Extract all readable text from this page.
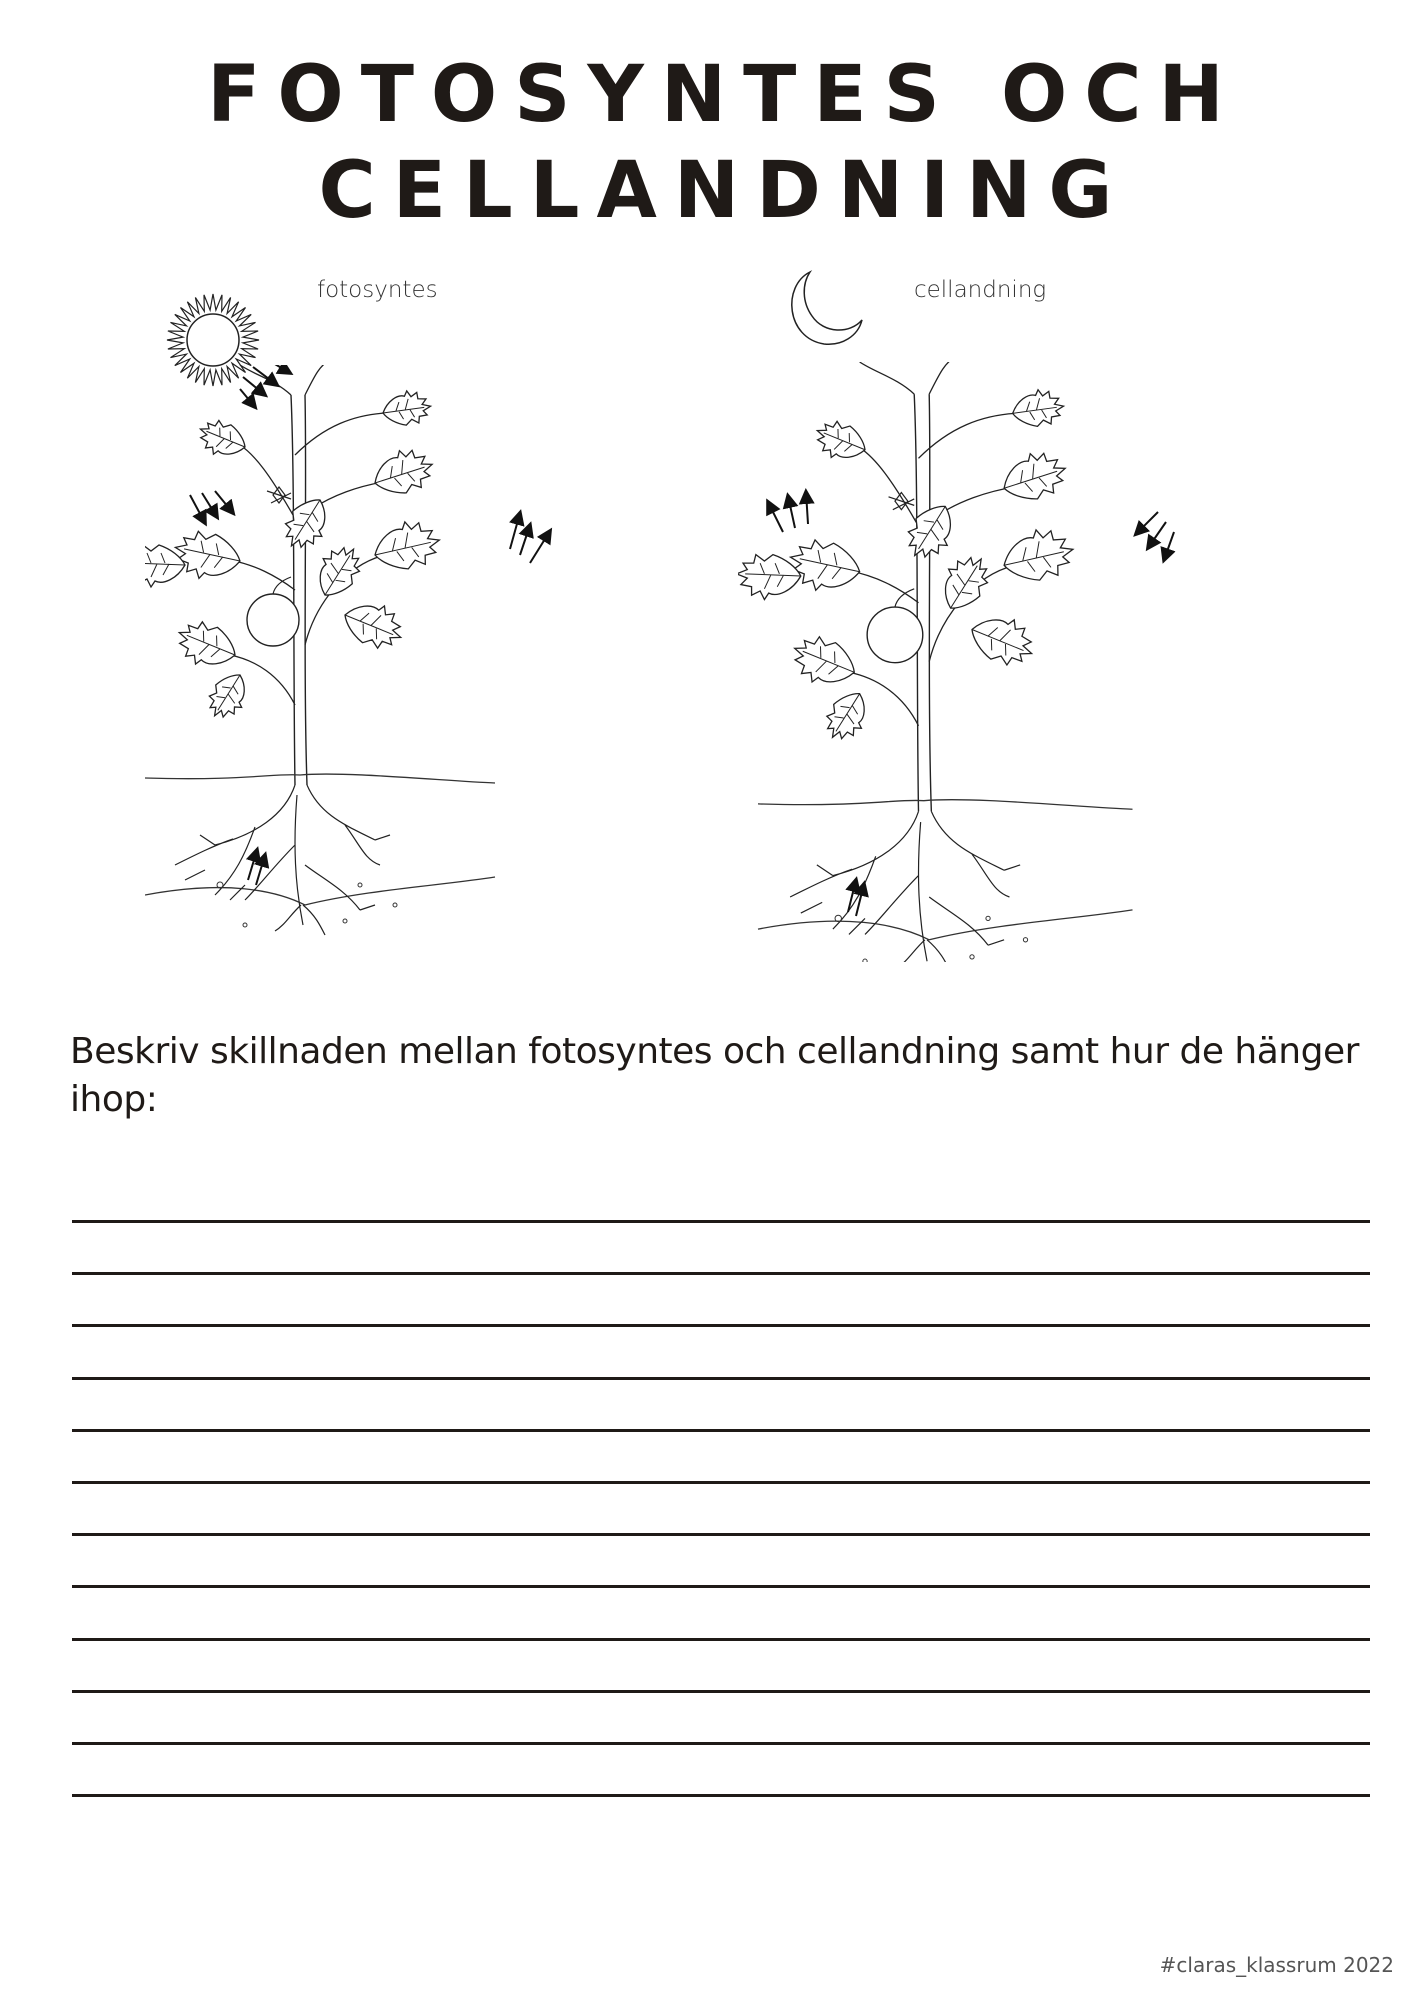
FOTOSYNTES OCH
CELLANDNING
fotosyntes	cellandning
Beskriv skillnaden mellan fotosyntes och cellandning samt hur de hänger ihop:
#claras_klassrum 2022
